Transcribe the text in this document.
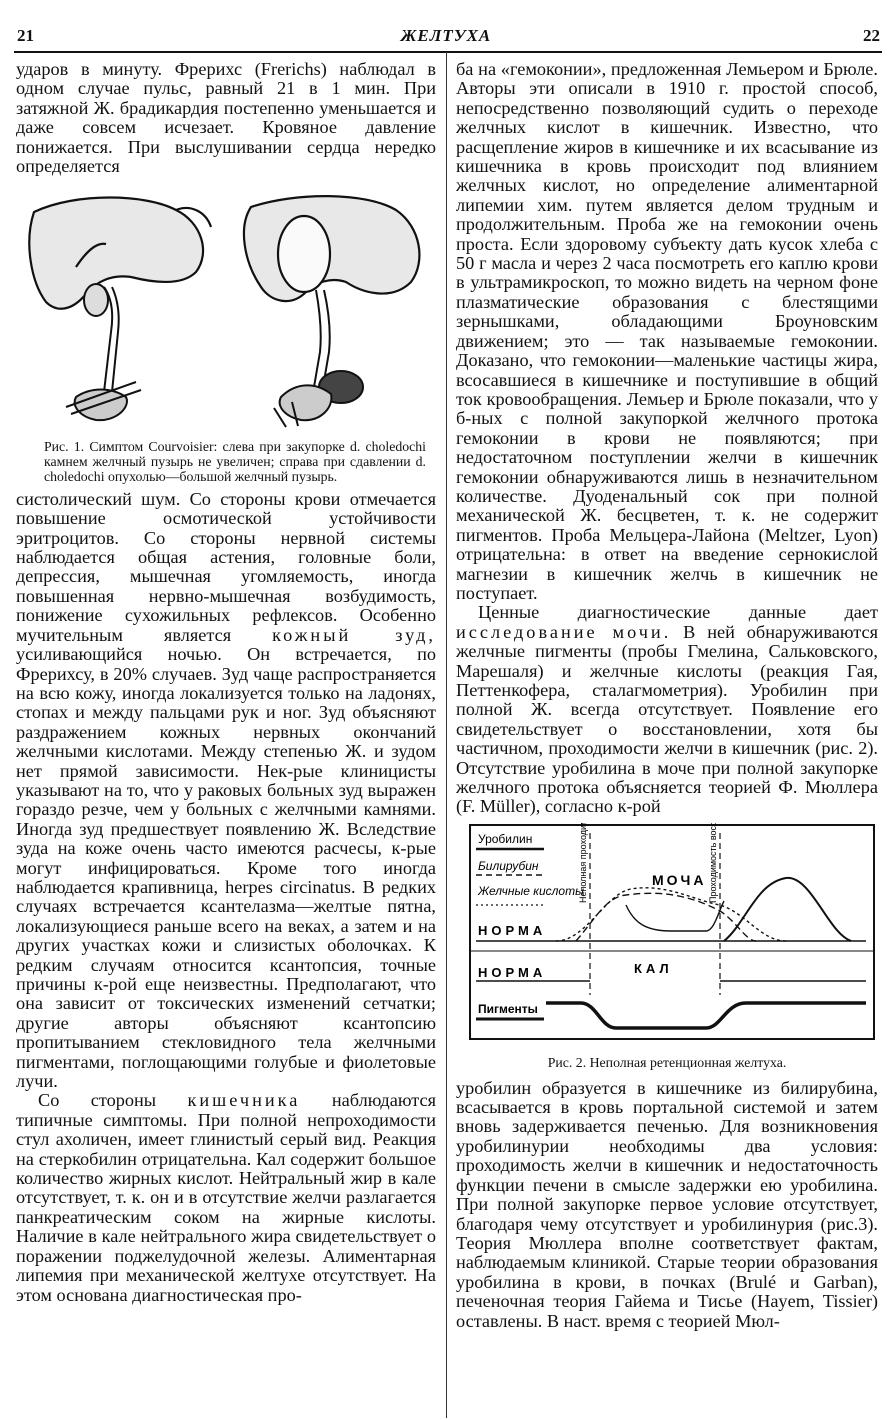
21	ЖЕЛТУХА	22

ударов в минуту. Фрерихс (Frerichs) наблюдал в одном случае пульс, равный 21 в 1 мин. При затяжной Ж. брадикардия постепенно уменьшается и даже совсем исчезает. Кровяное давление понижается. При выслушивании сердца нередко определяется

Рис. 1. Симптом Courvoisier: слева при закупорке d. choledochi камнем желчный пузырь не увеличен; справа при сдавлении d. choledochi опухолью—большой желчный пузырь.

систолический шум. Со стороны крови отмечается повышение осмотической устойчивости эритроцитов. Со стороны нервной системы наблюдается общая астения, головные боли, депрессия, мышечная угомляемость, иногда повышенная нервно-мышечная возбудимость, понижение сухожильных рефлексов. Особенно мучительным является кожный зуд, усиливающийся ночью. Он встречается, по Фрерихсу, в 20% случаев. Зуд чаще распространяется на всю кожу, иногда локализуется только на ладонях, стопах и между пальцами рук и ног. Зуд объясняют раздражением кожных нервных окончаний желчными кислотами. Между степенью Ж. и зудом нет прямой зависимости. Нек-рые клиницисты указывают на то, что у раковых больных зуд выражен гораздо резче, чем у больных с желчными камнями. Иногда зуд предшествует появлению Ж. Вследствие зуда на коже очень часто имеются расчесы, к-рые могут инфицироваться. Кроме того иногда наблюдается крапивница, herpes circinatus. В редких случаях встречается ксантелазма—желтые пятна, локализующиеся раньше всего на веках, а затем и на других участках кожи и слизистых оболочках. К редким случаям относится ксантопсия, точные причины к-рой еще неизвестны. Предполагают, что она зависит от токсических изменений сетчатки; другие авторы объясняют ксантопсию пропитыванием стекловидного тела желчными пигментами, поглощающими голубые и фиолетовые лучи.

Со стороны кишечника наблюдаются типичные симптомы. При полной непроходимости стул ахоличен, имеет глинистый серый вид. Реакция на стеркобилин отрицательна. Кал содержит большое количество жирных кислот. Нейтральный жир в кале отсутствует, т. к. он и в отсутствие желчи разлагается панкреатическим соком на жирные кислоты. Наличие в кале нейтрального жира свидетельствует о поражении поджелудочной железы. Алиментарная липемия при механической желтухе отсутствует. На этом основана диагностическая про-

ба на «гемоконии», предложенная Лемьером и Брюле. Авторы эти описали в 1910 г. простой способ, непосредственно позволяющий судить о переходе желчных кислот в кишечник. Известно, что расщепление жиров в кишечнике и их всасывание из кишечника в кровь происходит под влиянием желчных кислот, но определение алиментарной липемии хим. путем является делом трудным и продолжительным. Проба же на гемоконии очень проста. Если здоровому субъекту дать кусок хлеба с 50 г масла и через 2 часа посмотреть его каплю крови в ультрамикроскоп, то можно видеть на черном фоне плазматические образования с блестящими зернышками, обладающими Броуновским движением; это — так называемые гемоконии. Доказано, что гемоконии—маленькие частицы жира, всосавшиеся в кишечнике и поступившие в общий ток кровообращения. Лемьер и Брюле показали, что у б-ных с полной закупоркой желчного протока гемоконии в крови не появляются; при недостаточном поступлении желчи в кишечник гемоконии обнаруживаются лишь в незначительном количестве. Дуоденальный сок при полной механической Ж. бесцветен, т. к. не содержит пигментов. Проба Мельцера-Лайона (Meltzer, Lyon) отрицательна: в ответ на введение сернокислой магнезии в кишечник желчь в кишечник не поступает.

Ценные диагностические данные дает исследование мочи. В ней обнаруживаются желчные пигменты (пробы Гмелина, Сальковского, Марешаля) и желчные кислоты (реакция Гая, Петтенкофера, сталагмометрия). Уробилин при полной Ж. всегда отсутствует. Появление его свидетельствует о восстановлении, хотя бы частичном, проходимости желчи в кишечник (рис. 2). Отсутствие уробилина в моче при полной закупорке желчного протока объясняется теорией Ф. Мюллера (F. Müller), согласно к-рой

Уробилин
Билирубин
Желчные кислоты
Неполная проходимость	Проходимость восстановлена
МОЧА
НОРМА
НОРМА	КАЛ
Пигменты
Рис. 2. Неполная ретенционная желтуха.

уробилин образуется в кишечнике из билирубина, всасывается в кровь портальной системой и затем вновь задерживается печенью. Для возникновения уробилинурии необходимы два условия: проходимость желчи в кишечник и недостаточность функции печени в смысле задержки ею уробилина. При полной закупорке первое условие отсутствует, благодаря чему отсутствует и уробилинурия (рис.3). Теория Мюллера вполне соответствует фактам, наблюдаемым клиникой. Старые теории образования уробилина в крови, в почках (Brulé и Garban), печеночная теория Гайема и Тисье (Hayem, Tissier) оставлены. В наст. время с теорией Мюл-
